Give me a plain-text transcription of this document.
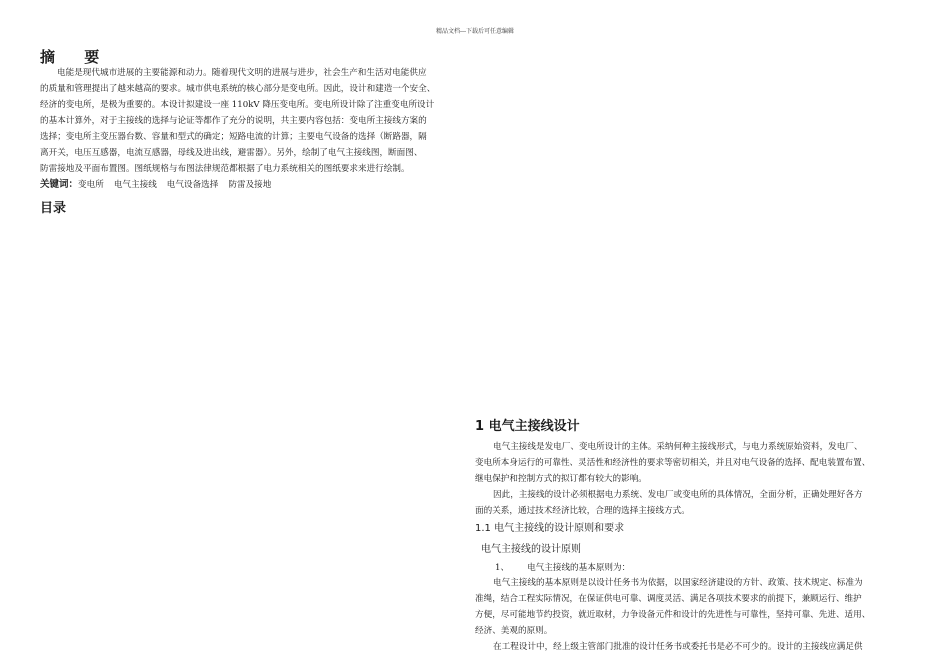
精品文档---下载后可任意编辑
摘 要
电能是现代城市进展的主要能源和动力。随着现代文明的进展与进步，社会生产和生活对电能供应
的质量和管理提出了越来越高的要求。城市供电系统的核心部分是变电所。因此，设计和建造一个安全、
经济的变电所，是极为重要的。本设计拟建设一座 110kV 降压变电所。变电所设计除了注重变电所设计
的基本计算外，对于主接线的选择与论证等都作了充分的说明，共主要内容包括：变电所主接线方案的
选择；变电所主变压器台数、容量和型式的确定；短路电流的计算；主要电气设备的选择（断路器，隔
离开关，电压互感器，电流互感器，母线及进出线，避雷器）。另外，绘制了电气主接线图，断面图、
防雷接地及平面布置图。图纸规格与布图法律规范都根据了电力系统相关的图纸要求来进行绘制。
关键词：变电所 电气主接线 电气设备选择 防雷及接地
目录
1 电气主接线设计
电气主接线是发电厂、变电所设计的主体。采纳何种主接线形式，与电力系统原始资料，发电厂、
变电所本身运行的可靠性、灵活性和经济性的要求等密切相关，并且对电气设备的选择、配电装置布置、
继电保护和控制方式的拟订都有较大的影响。
因此，主接线的设计必须根据电力系统、发电厂或变电所的具体情况，全面分析，正确处理好各方
面的关系，通过技术经济比较，合理的选择主接线方式。
1.1 电气主接线的设计原则和要求
电气主接线的设计原则
1、 电气主接线的基本原则为：
电气主接线的基本原则是以设计任务书为依据，以国家经济建设的方针、政策、技术规定、标准为
准绳，结合工程实际情况，在保证供电可靠、调度灵活、满足各项技术要求的前提下，兼顾运行、维护
方便，尽可能地节约投资，就近取材，力争设备元件和设计的先进性与可靠性，坚持可靠、先进、适用、
经济、美观的原则。
在工程设计中，经上级主管部门批准的设计任务书或委托书是必不可少的。设计的主接线应满足供
